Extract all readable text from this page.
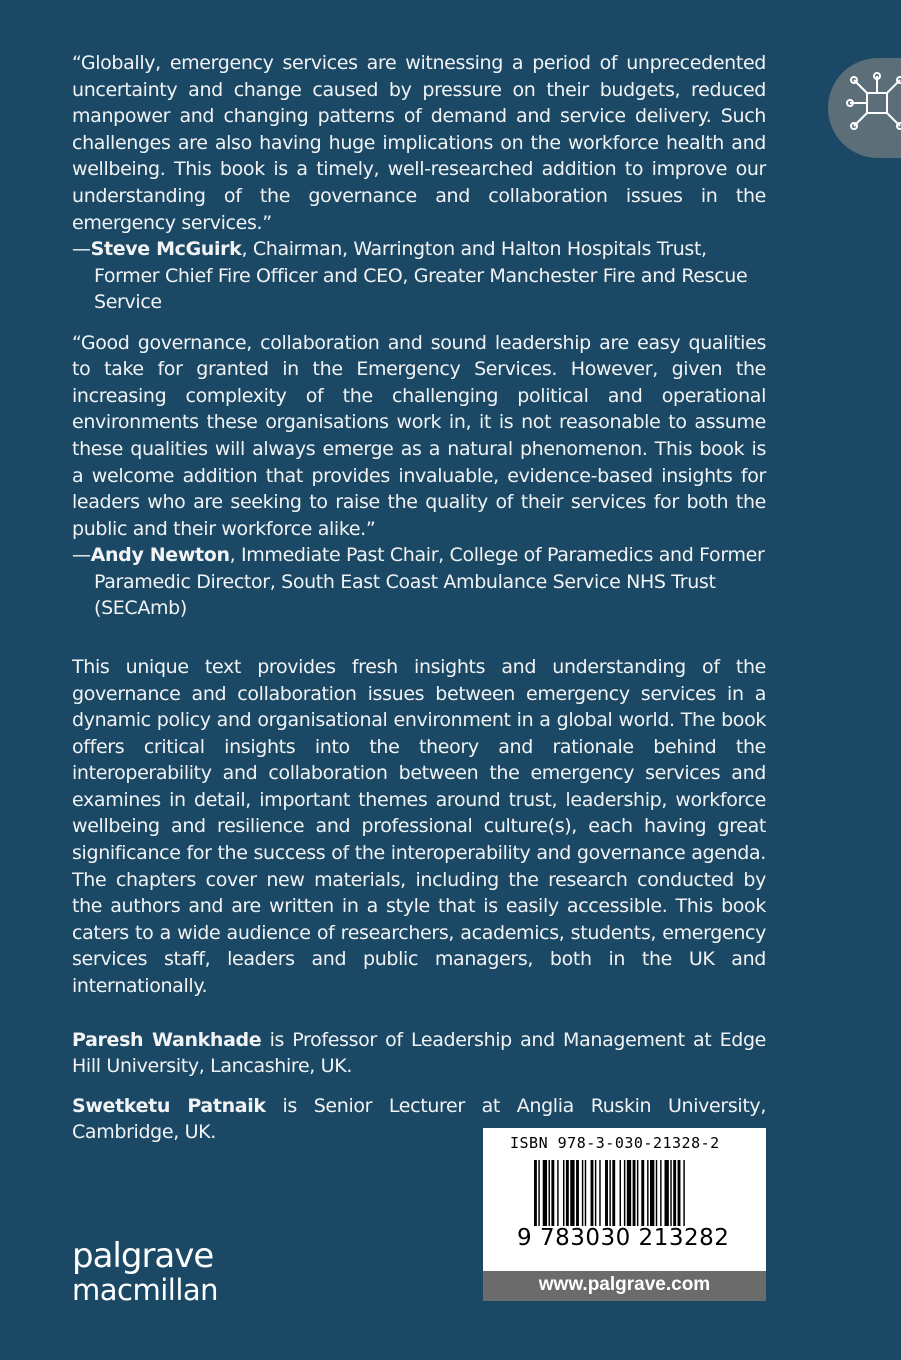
“Globally, emergency services are witnessing a period of unprecedented uncertainty and change caused by pressure on their budgets, reduced manpower and changing patterns of demand and service delivery. Such challenges are also having huge implications on the workforce health and wellbeing. This book is a timely, well-researched addition to improve our understanding of the governance and collaboration issues in the emergency services.”

—Steve McGuirk, Chairman, Warrington and Halton Hospitals Trust, Former Chief Fire Officer and CEO, Greater Manchester Fire and Rescue Service

“Good governance, collaboration and sound leadership are easy qualities to take for granted in the Emergency Services. However, given the increasing complexity of the challenging political and operational environments these organisations work in, it is not reasonable to assume these qualities will always emerge as a natural phenomenon. This book is a welcome addition that provides invaluable, evidence-based insights for leaders who are seeking to raise the quality of their services for both the public and their workforce alike.”

—Andy Newton, Immediate Past Chair, College of Paramedics and Former Paramedic Director, South East Coast Ambulance Service NHS Trust (SECAmb)

This unique text provides fresh insights and understanding of the governance and collaboration issues between emergency services in a dynamic policy and organisational environment in a global world. The book offers critical insights into the theory and rationale behind the interoperability and collaboration between the emergency services and examines in detail, important themes around trust, leadership, workforce wellbeing and resilience and professional culture(s), each having great significance for the success of the interoperability and governance agenda. The chapters cover new materials, including the research conducted by the authors and are written in a style that is easily accessible. This book caters to a wide audience of researchers, academics, students, emergency services staff, leaders and public managers, both in the UK and internationally.

Paresh Wankhade is Professor of Leadership and Management at Edge Hill University, Lancashire, UK.

Swetketu Patnaik is Senior Lecturer at Anglia Ruskin University, Cambridge, UK.

palgrave
macmillan
ISBN 978-3-030-21328-2
9 783030 213282
www.palgrave.com
